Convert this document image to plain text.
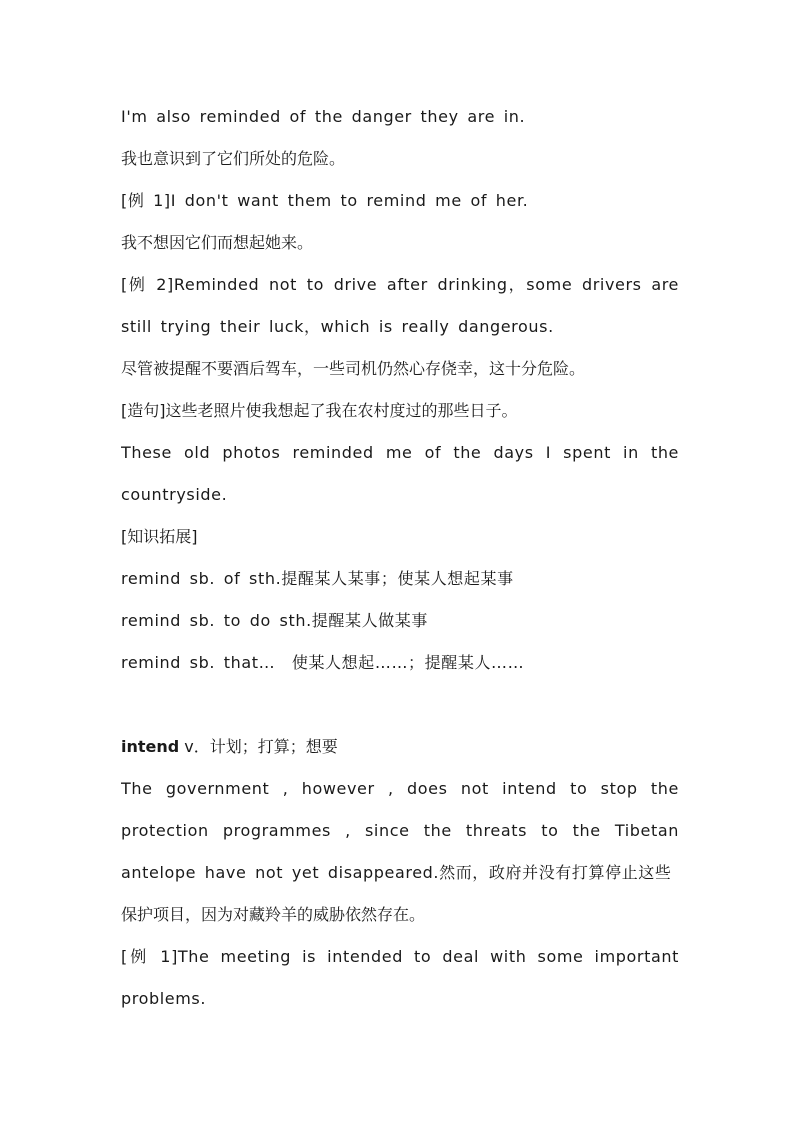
I'm also reminded of the danger they are in.
我也意识到了它们所处的危险。
[例 1]I don't want them to remind me of her.
我不想因它们而想起她来。
[例 2]Reminded not to drive after drinking，some drivers are
still trying their luck，which is really dangerous.
尽管被提醒不要酒后驾车，一些司机仍然心存侥幸，这十分危险。
[造句]这些老照片使我想起了我在农村度过的那些日子。
These old photos reminded me of the days I spent in the
countryside.
[知识拓展]
remind sb. of sth.提醒某人某事；使某人想起某事
remind sb. to do sth.提醒某人做某事
remind sb. that…　使某人想起……；提醒某人……
intend v．计划；打算；想要
The government , however , does not intend to stop the
protection programmes , since the threats to the Tibetan
antelope have not yet disappeared.然而，政府并没有打算停止这些
保护项目，因为对藏羚羊的威胁依然存在。
[例 1]The meeting is intended to deal with some important
problems.
